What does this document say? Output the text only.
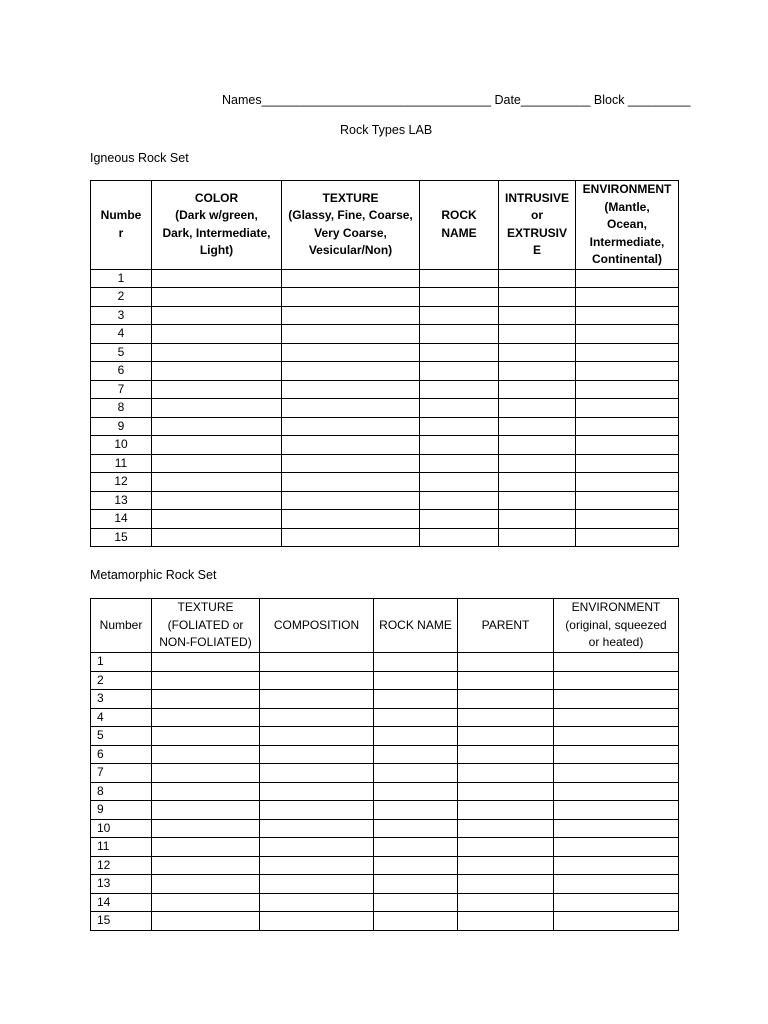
Names_________________________________ Date__________ Block _________
Rock Types LAB
Igneous Rock Set
Numbe
r	COLOR
(Dark w/green,
Dark, Intermediate,
Light)	TEXTURE
(Glassy, Fine, Coarse,
Very Coarse,
Vesicular/Non)	ROCK
NAME	INTRUSIVE
or
EXTRUSIV
E	ENVIRONMENT
(Mantle,
Ocean,
Intermediate,
Continental)
1					
2					
3					
4					
5					
6					
7					
8					
9					
10					
11					
12					
13					
14					
15					
Metamorphic Rock Set
Number	TEXTURE
(FOLIATED or
NON-FOLIATED)	COMPOSITION	ROCK NAME	PARENT	ENVIRONMENT
(original, squeezed
or heated)
1					
2					
3					
4					
5					
6					
7					
8					
9					
10					
11					
12					
13					
14					
15					
